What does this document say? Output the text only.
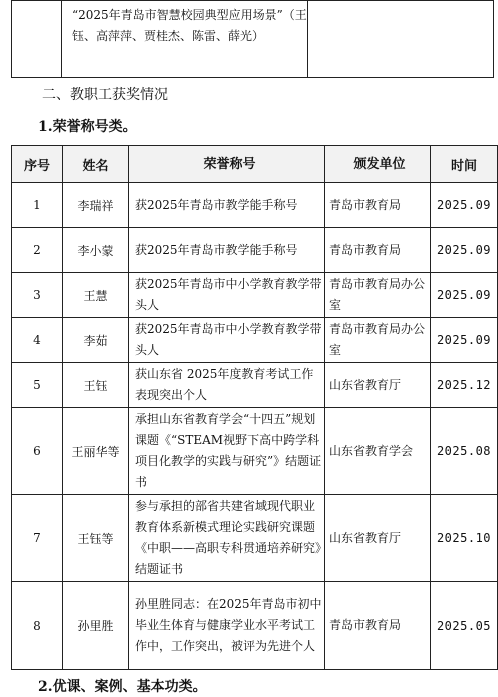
	“2025年青岛市智慧校园典型应用场景”（王钰、高萍萍、贾桂杰、陈雷、薛光）	
二、教职工获奖情况
1.荣誉称号类。
序号	姓名	荣誉称号	颁发单位	时间
1	李瑞祥	获2025年青岛市教学能手称号	青岛市教育局	2025.09
2	李小蒙	获2025年青岛市教学能手称号	青岛市教育局	2025.09
3	王慧	获2025年青岛市中小学教育教学带头人	青岛市教育局办公室	2025.09
4	李茹	获2025年青岛市中小学教育教学带头人	青岛市教育局办公室	2025.09
5	王钰	获山东省 2025年度教育考试工作表现突出个人	山东省教育厅	2025.12
6	王丽华等	承担山东省教育学会“十四五”规划课题《“STEAM视野下高中跨学科项目化教学的实践与研究”》结题证书	山东省教育学会	2025.08
7	王钰等	参与承担的部省共建省域现代职业教育体系新模式理论实践研究课题《中职——高职专科贯通培养研究》结题证书	山东省教育厅	2025.10
8	孙里胜	孙里胜同志：在2025年青岛市初中毕业生体育与健康学业水平考试工作中，工作突出，被评为先进个人	青岛市教育局	2025.05
2.优课、案例、基本功类。
